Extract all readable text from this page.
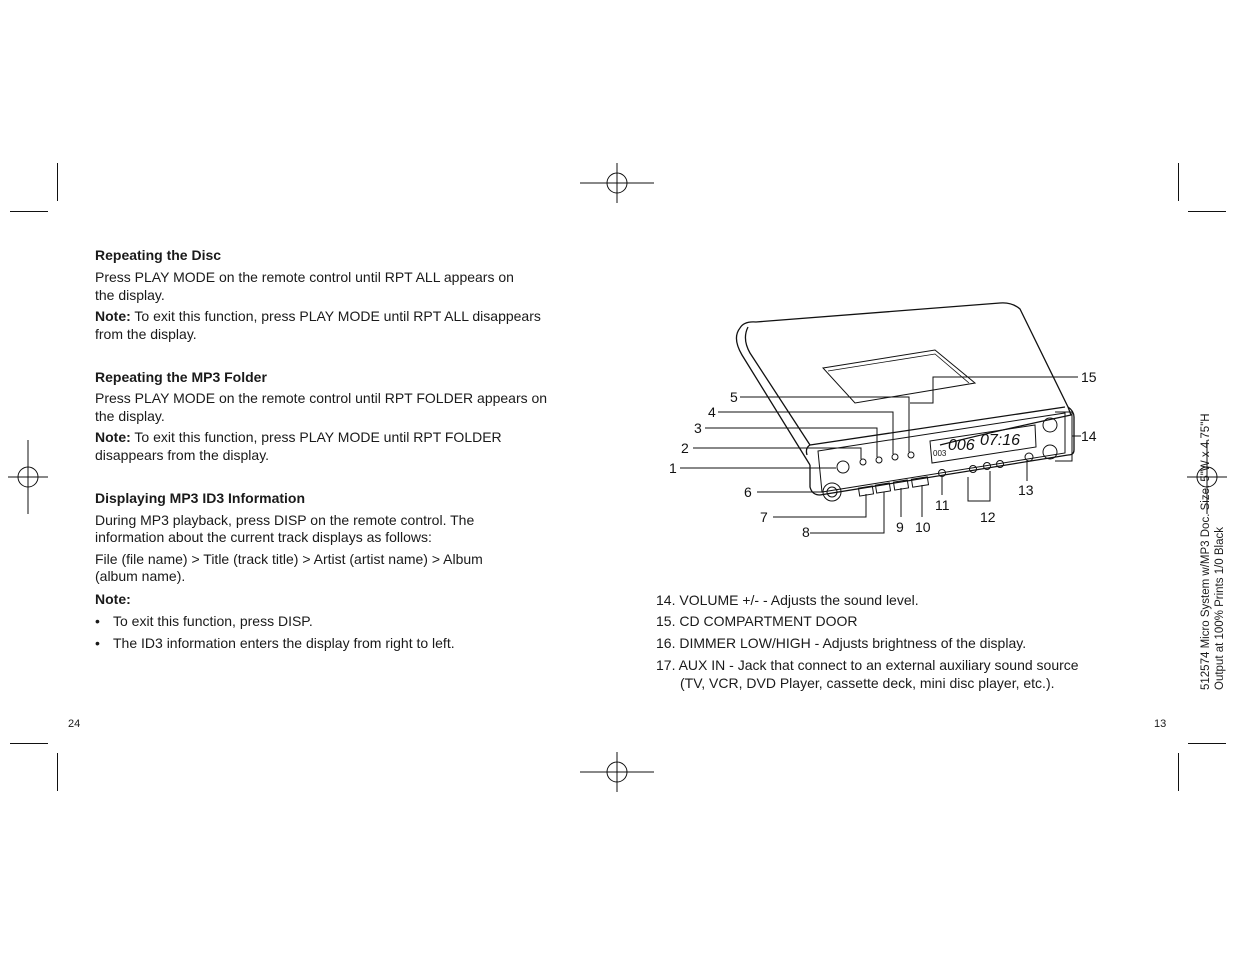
Repeating the Disc
Press PLAY MODE on the remote control until RPT ALL appears on
the display.
Note: To exit this function, press PLAY MODE until RPT ALL disappears
from the display.
Repeating the MP3 Folder
Press PLAY MODE on the remote control until RPT FOLDER appears on
the display.
Note: To exit this function, press PLAY MODE until RPT FOLDER
disappears from the display.
Displaying MP3 ID3 Information
During MP3 playback, press DISP on the remote control. The
information about the current track displays as follows:
File (file name) > Title (track title) > Artist (artist name) > Album
(album name).
Note:
• To exit this function, press DISP.
• The ID3 information enters the display from right to left.
24
003 006 07:16
1
2
3
4
5
6
7
8	9 10
11
12
13
14
15
14. VOLUME +/- - Adjusts the sound level.
15. CD COMPARTMENT DOOR
16. DIMMER LOW/HIGH - Adjusts brightness of the display.
17. AUX IN - Jack that connect to an external auxiliary sound source
(TV, VCR, DVD Player, cassette deck, mini disc player, etc.).
13
512574 Micro System w/MP3 Doc. Size: 5"W x 4.75"H Output at 100% Prints 1/0 Black
